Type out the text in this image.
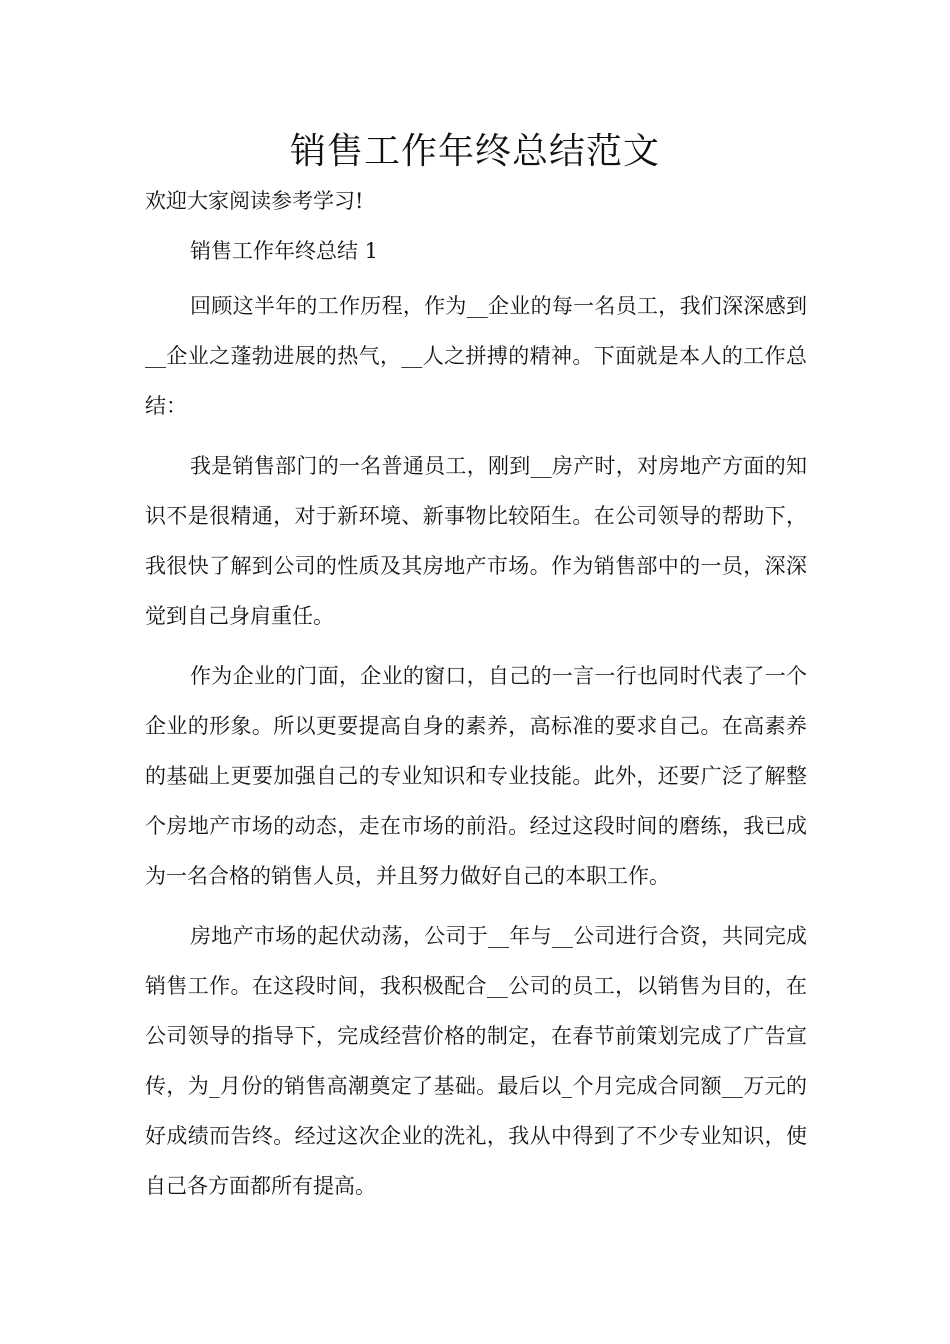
销售工作年终总结范文

欢迎大家阅读参考学习!

销售工作年终总结 1

回顾这半年的工作历程，作为__企业的每一名员工，我们深深感到__企业之蓬勃进展的热气，__人之拼搏的精神。下面就是本人的工作总结：

我是销售部门的一名普通员工，刚到__房产时，对房地产方面的知识不是很精通，对于新环境、新事物比较陌生。在公司领导的帮助下，我很快了解到公司的性质及其房地产市场。作为销售部中的一员，深深觉到自己身肩重任。

作为企业的门面，企业的窗口，自己的一言一行也同时代表了一个企业的形象。所以更要提高自身的素养，高标准的要求自己。在高素养的基础上更要加强自己的专业知识和专业技能。此外，还要广泛了解整个房地产市场的动态，走在市场的前沿。经过这段时间的磨练，我已成为一名合格的销售人员，并且努力做好自己的本职工作。

房地产市场的起伏动荡，公司于__年与__公司进行合资，共同完成销售工作。在这段时间，我积极配合__公司的员工，以销售为目的，在公司领导的指导下，完成经营价格的制定，在春节前策划完成了广告宣传，为_月份的销售高潮奠定了基础。最后以_个月完成合同额__万元的好成绩而告终。经过这次企业的洗礼，我从中得到了不少专业知识，使自己各方面都所有提高。
